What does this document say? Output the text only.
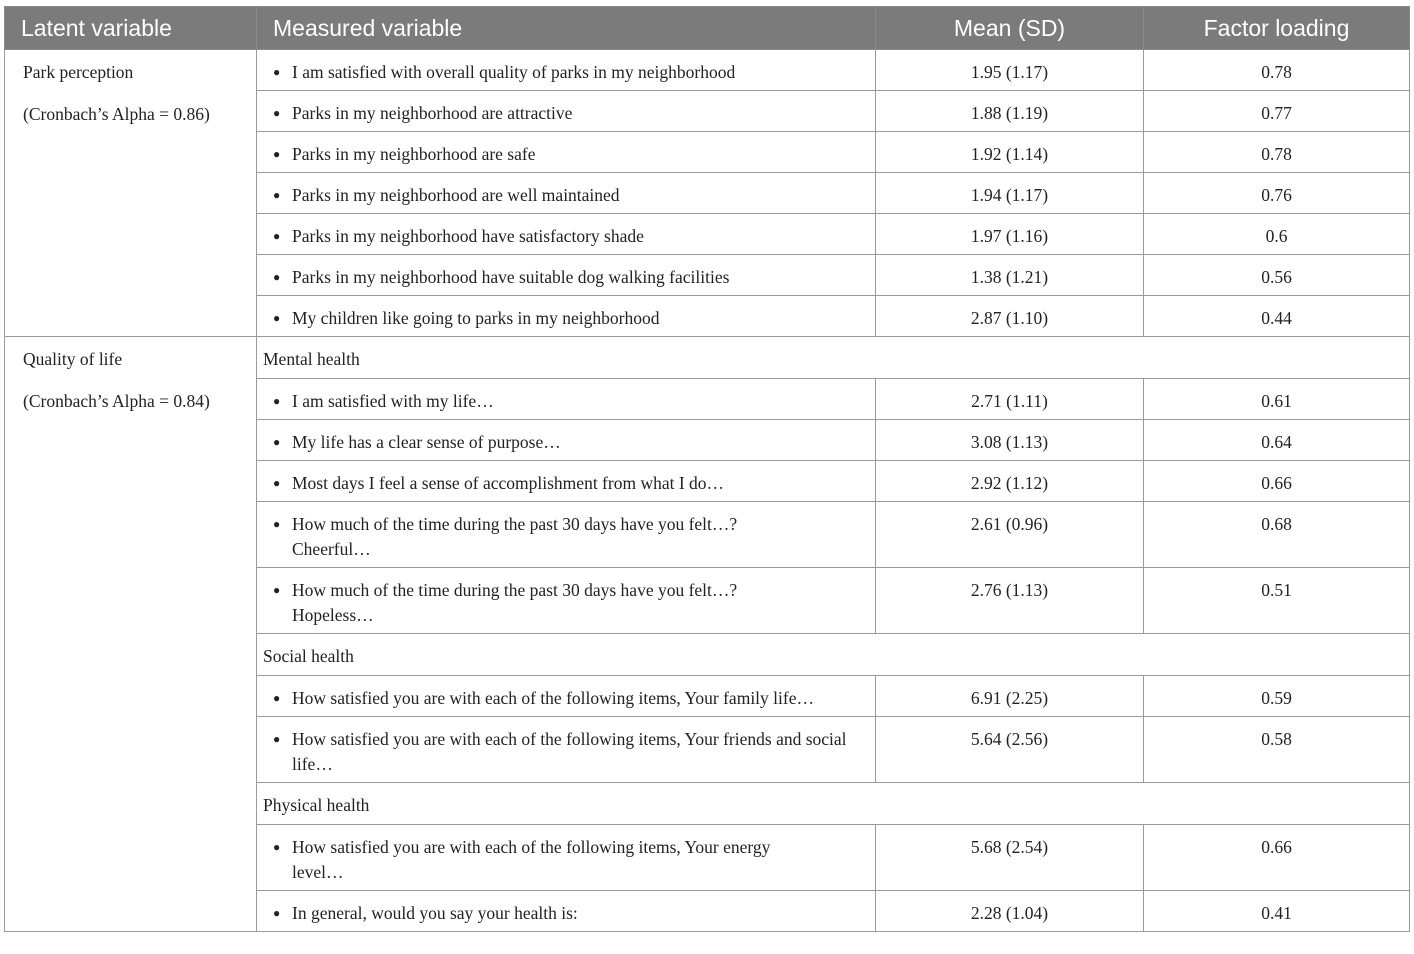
Latent variable	Measured variable	Mean (SD)	Factor loading

Park perception
(Cronbach’s Alpha = 0.86)	● I am satisfied with overall quality of parks in my neighborhood	1.95 (1.17)	0.78

	● Parks in my neighborhood are attractive	1.88 (1.19)	0.77

	● Parks in my neighborhood are safe	1.92 (1.14)	0.78

	● Parks in my neighborhood are well maintained	1.94 (1.17)	0.76

	● Parks in my neighborhood have satisfactory shade	1.97 (1.16)	0.6

	● Parks in my neighborhood have suitable dog walking facilities	1.38 (1.21)	0.56

	● My children like going to parks in my neighborhood	2.87 (1.10)	0.44

Quality of life
(Cronbach’s Alpha = 0.84)	Mental health		

	● I am satisfied with my life…	2.71 (1.11)	0.61

	● My life has a clear sense of purpose…	3.08 (1.13)	0.64

	● Most days I feel a sense of accomplishment from what I do…	2.92 (1.12)	0.66

	● How much of the time during the past 30 days have you felt…? Cheerful…	2.61 (0.96)	0.68

	● How much of the time during the past 30 days have you felt…? Hopeless…	2.76 (1.13)	0.51
	Social health		

	● How satisfied you are with each of the following items, Your family life…	6.91 (2.25)	0.59

	● How satisfied you are with each of the following items, Your friends and social life…	5.64 (2.56)	0.58
	Physical health		

	● How satisfied you are with each of the following items, Your energy level…	5.68 (2.54)	0.66

	● In general, would you say your health is:	2.28 (1.04)	0.41
